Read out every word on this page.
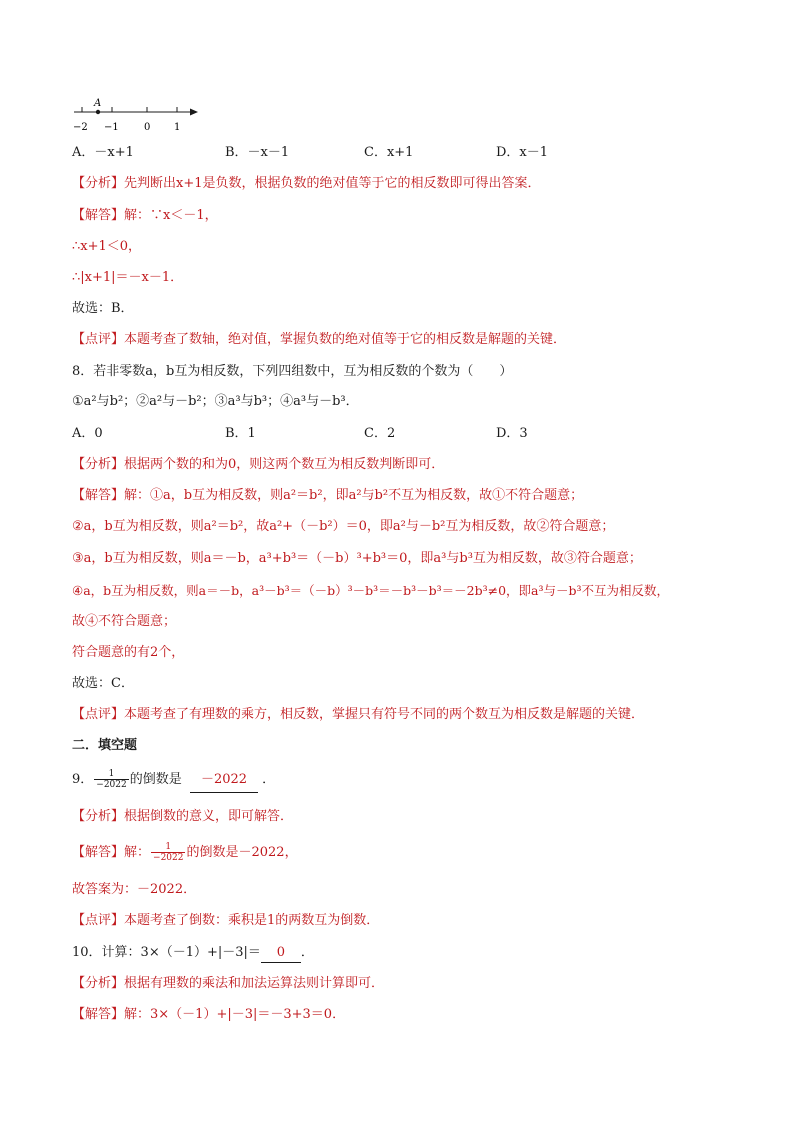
A
−2 −1	0 1
A．－x+1	B．－x－1	C．x+1	D．x－1
【分析】先判断出x+1是负数，根据负数的绝对值等于它的相反数即可得出答案．
【解答】解：∵x＜－1，
∴x+1＜0，
∴|x+1|＝－x－1．
故选：B．
【点评】本题考查了数轴，绝对值，掌握负数的绝对值等于它的相反数是解题的关键．
8．若非零数a，b互为相反数，下列四组数中，互为相反数的个数为（　　）
①a²与b²；②a²与－b²；③a³与b³；④a³与－b³．
A．0	B．1	C．2	D．3
【分析】根据两个数的和为0，则这两个数互为相反数判断即可．
【解答】解：①a，b互为相反数，则a²＝b²，即a²与b²不互为相反数，故①不符合题意；
②a，b互为相反数，则a²＝b²，故a²+（－b²）＝0，即a²与－b²互为相反数，故②符合题意；
③a，b互为相反数，则a＝－b，a³+b³＝（－b）³+b³＝0，即a³与b³互为相反数，故③符合题意；
④a，b互为相反数，则a＝－b，a³－b³＝（－b）³－b³＝－b³－b³＝－2b³≠0，即a³与－b³不互为相反数，
故④不符合题意；
符合题意的有2个，
故选：C．
【点评】本题考查了有理数的乘方，相反数，掌握只有符号不同的两个数互为相反数是解题的关键．
二．填空题
9． $\frac{1}{-2022}$ 的倒数是 －2022 ．
【分析】根据倒数的意义，即可解答．
【解答】解： $\frac{1}{-2022}$ 的倒数是－2022，
故答案为：－2022．
【点评】本题考查了倒数：乘积是1的两数互为倒数．
10．计算：3×（－1）+|－3|＝ 0 ．
【分析】根据有理数的乘法和加法运算法则计算即可．
【解答】解：3×（－1）+|－3|＝－3+3＝0．
